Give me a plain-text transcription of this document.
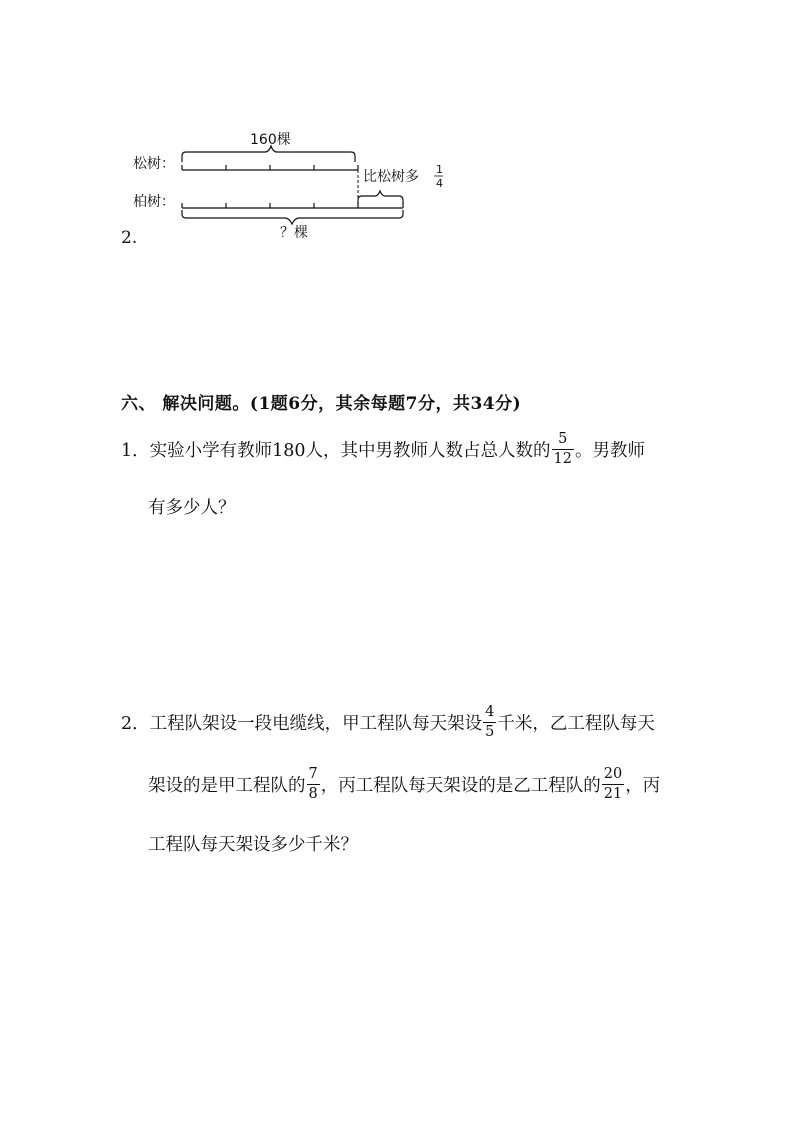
松树：
柏树：
160棵
比松树多 1
4
？棵
2.
六、 解决问题。(1题6分，其余每题7分，共34分)
1．实验小学有教师180人，其中男教师人数占总人数的 $\frac{5}{12}$ 。男教师
有多少人？
2．工程队架设一段电缆线，甲工程队每天架设 $\frac{4}{5}$ 千米，乙工程队每天
架设的是甲工程队的 $\frac{7}{8}$ ，丙工程队每天架设的是乙工程队的 $\frac{20}{21}$ ，丙
工程队每天架设多少千米？
